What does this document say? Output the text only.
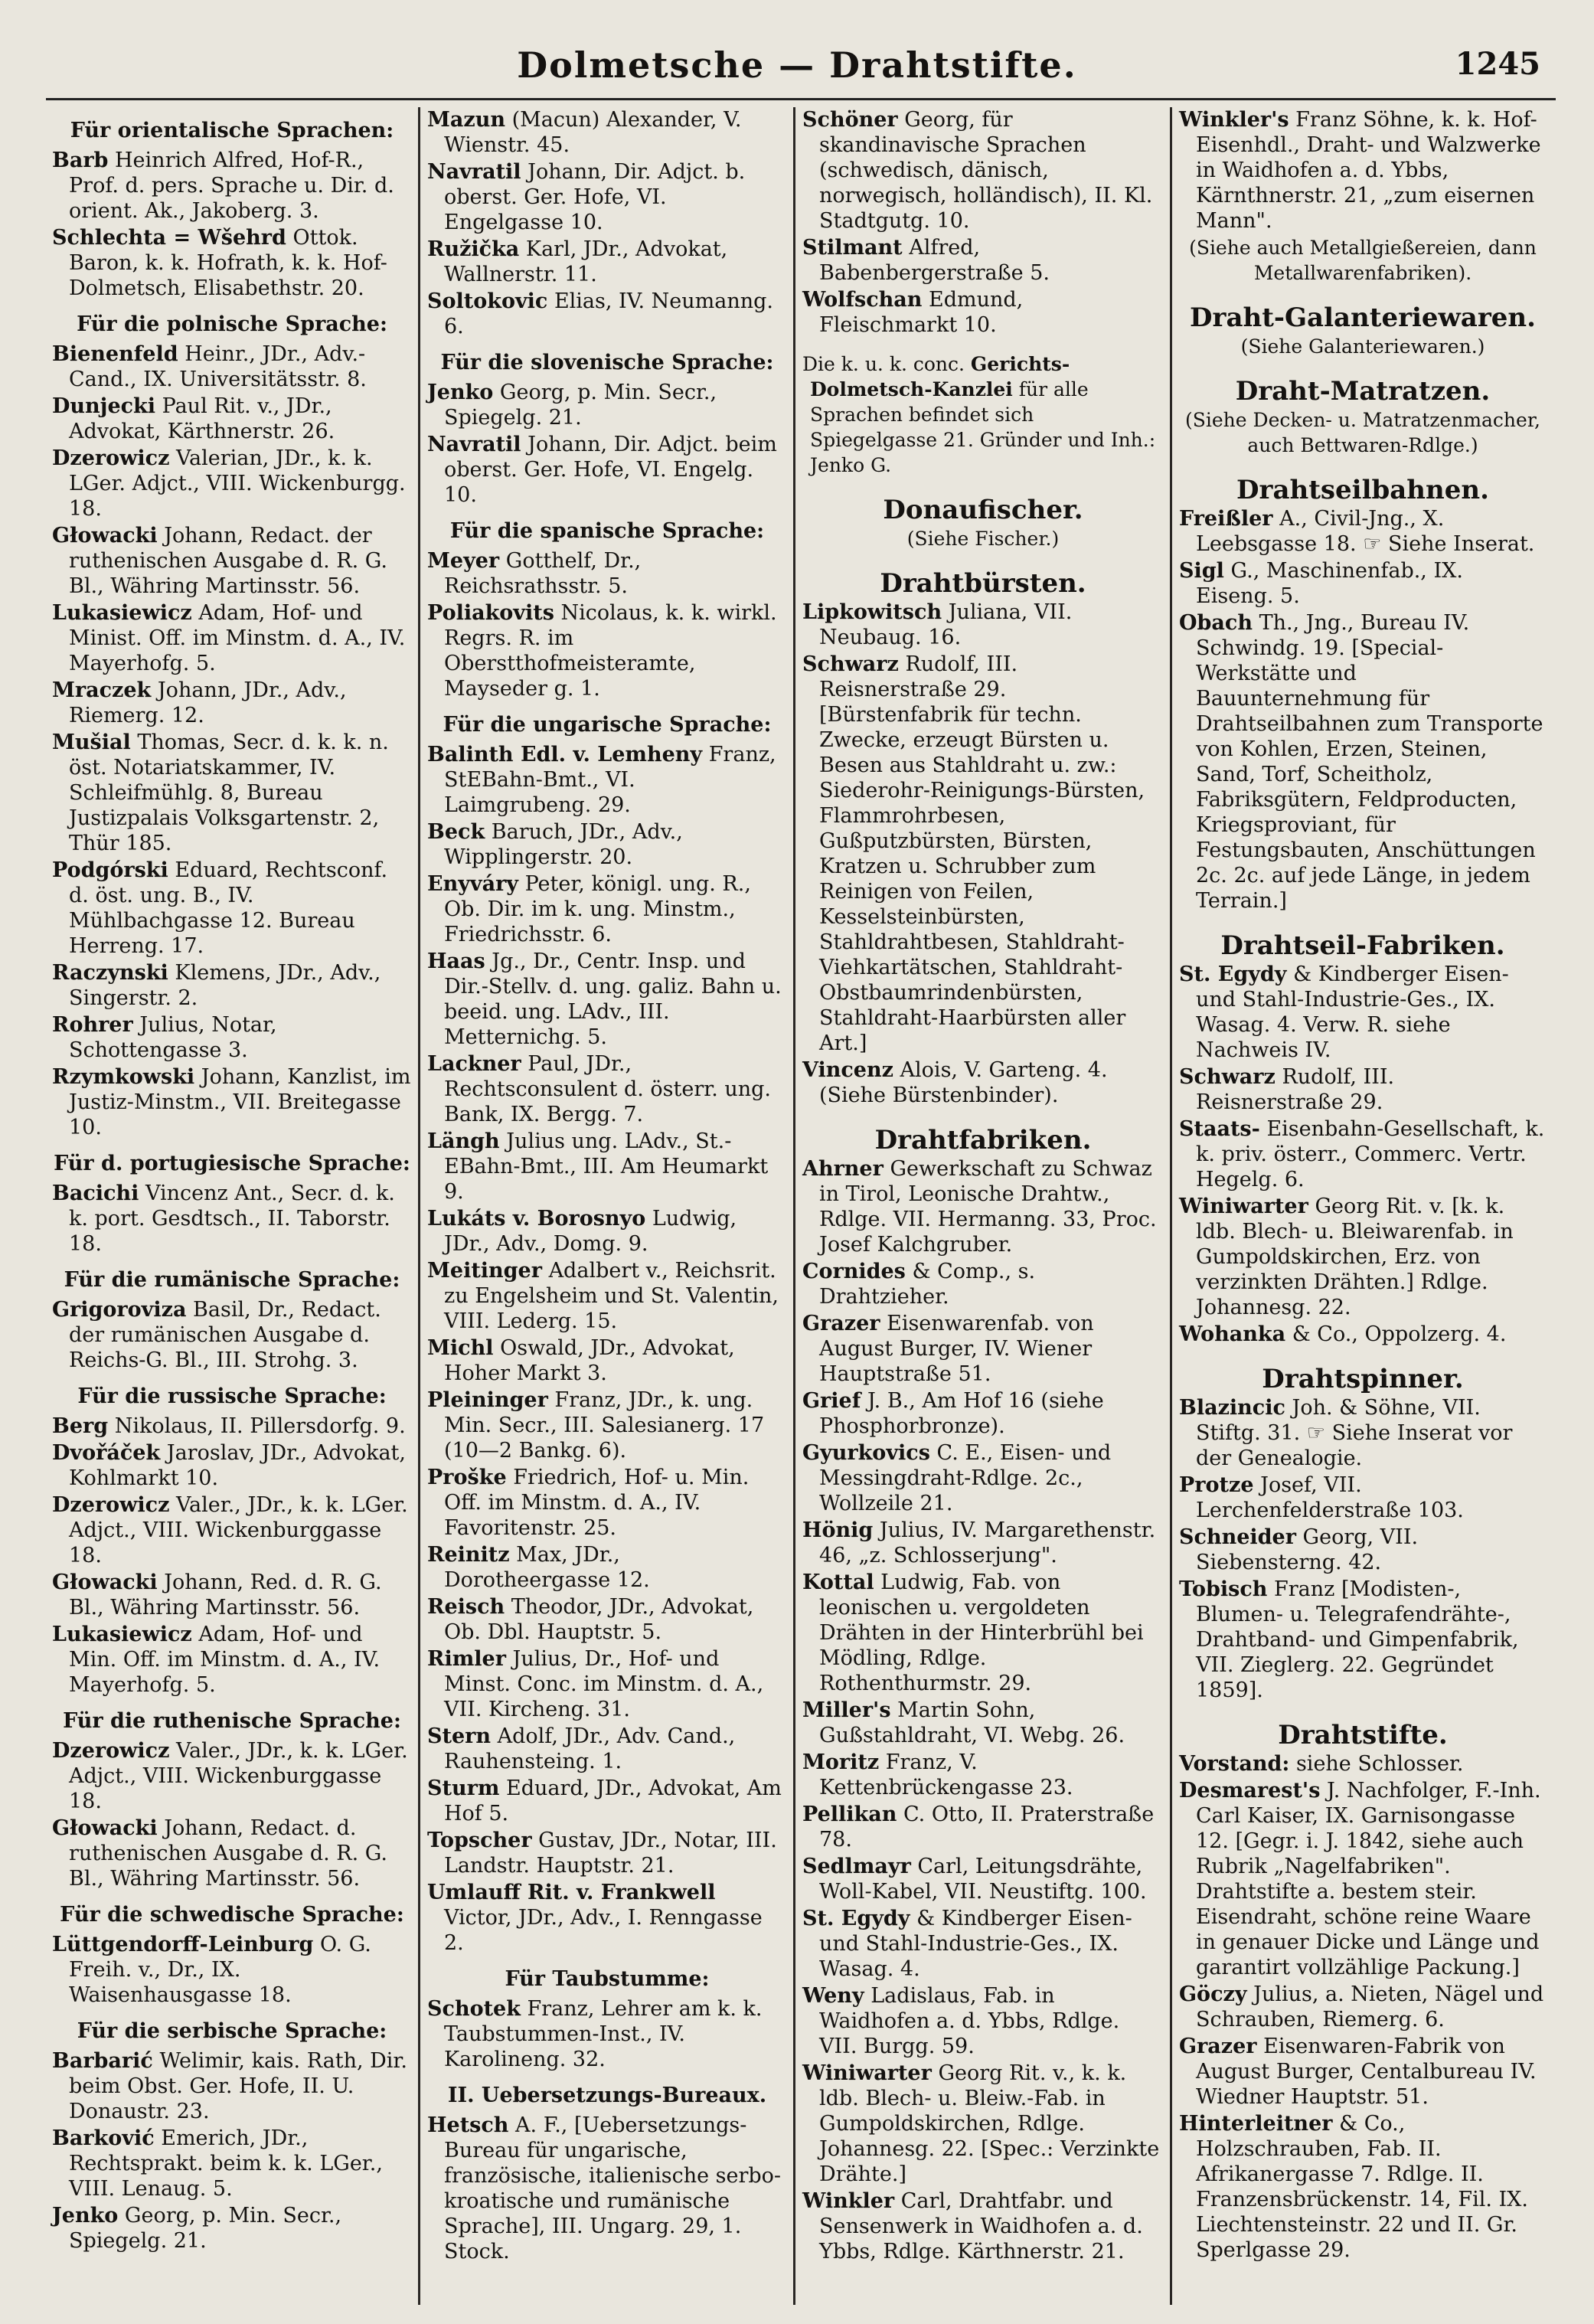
Dolmetsche — Drahtstifte.	1245
Für orientalische Sprachen:
Barb Heinrich Alfred, Hof-R., Prof. d. pers. Sprache u. Dir. d. orient. Ak., Jakoberg. 3.
Schlechta = Wšehrd Ottok. Baron, k. k. Hofrath, k. k. Hof-Dolmetsch, Elisabethstr. 20.
Für die polnische Sprache:
Bienenfeld Heinr., JDr., Adv.-Cand., IX. Universitätsstr. 8.
Dunjecki Paul Rit. v., JDr., Advokat, Kärthnerstr. 26.
Dzerowicz Valerian, JDr., k. k. LGer. Adjct., VIII. Wickenburgg. 18.
Głowacki Johann, Redact. der ruthenischen Ausgabe d. R. G. Bl., Währing Martinsstr. 56.
Lukasiewicz Adam, Hof- und Minist. Off. im Minstm. d. A., IV. Mayerhofg. 5.
Mraczek Johann, JDr., Adv., Riemerg. 12.
Mušial Thomas, Secr. d. k. k. n. öst. Notariatskammer, IV. Schleifmühlg. 8, Bureau Justizpalais Volksgartenstr. 2, Thür 185.
Podgórski Eduard, Rechtsconf. d. öst. ung. B., IV. Mühlbachgasse 12. Bureau Herreng. 17.
Raczynski Klemens, JDr., Adv., Singerstr. 2.
Rohrer Julius, Notar, Schottengasse 3.
Rzymkowski Johann, Kanzlist, im Justiz-Minstm., VII. Breitegasse 10.
Für d. portugiesische Sprache:
Bacichi Vincenz Ant., Secr. d. k. k. port. Gesdtsch., II. Taborstr. 18.
Für die rumänische Sprache:
Grigoroviza Basil, Dr., Redact. der rumänischen Ausgabe d. Reichs-G. Bl., III. Strohg. 3.
Für die russische Sprache:
Berg Nikolaus, II. Pillersdorfg. 9.
Dvořáček Jaroslav, JDr., Advokat, Kohlmarkt 10.
Dzerowicz Valer., JDr., k. k. LGer. Adjct., VIII. Wickenburggasse 18.
Głowacki Johann, Red. d. R. G. Bl., Währing Martinsstr. 56.
Lukasiewicz Adam, Hof- und Min. Off. im Minstm. d. A., IV. Mayerhofg. 5.
Für die ruthenische Sprache:
Dzerowicz Valer., JDr., k. k. LGer. Adjct., VIII. Wickenburggasse 18.
Głowacki Johann, Redact. d. ruthenischen Ausgabe d. R. G. Bl., Währing Martinsstr. 56.
Für die schwedische Sprache:
Lüttgendorff-Leinburg O. G. Freih. v., Dr., IX. Waisenhausgasse 18.
Für die serbische Sprache:
Barbarić Welimir, kais. Rath, Dir. beim Obst. Ger. Hofe, II. U. Donaustr. 23.
Barković Emerich, JDr., Rechtsprakt. beim k. k. LGer., VIII. Lenaug. 5.
Jenko Georg, p. Min. Secr., Spiegelg. 21.
Mazun (Macun) Alexander, V. Wienstr. 45.
Navratil Johann, Dir. Adjct. b. oberst. Ger. Hofe, VI. Engelgasse 10.
Ružička Karl, JDr., Advokat, Wallnerstr. 11.
Soltokovic Elias, IV. Neumanng. 6.
Für die slovenische Sprache:
Jenko Georg, p. Min. Secr., Spiegelg. 21.
Navratil Johann, Dir. Adjct. beim oberst. Ger. Hofe, VI. Engelg. 10.
Für die spanische Sprache:
Meyer Gotthelf, Dr., Reichsrathsstr. 5.
Poliakovits Nicolaus, k. k. wirkl. Regrs. R. im Oberstthofmeisteramte, Mayseder g. 1.
Für die ungarische Sprache:
Balinth Edl. v. Lemheny Franz, StEBahn-Bmt., VI. Laimgrubeng. 29.
Beck Baruch, JDr., Adv., Wipplingerstr. 20.
Enyváry Peter, königl. ung. R., Ob. Dir. im k. ung. Minstm., Friedrichsstr. 6.
Haas Jg., Dr., Centr. Insp. und Dir.-Stellv. d. ung. galiz. Bahn u. beeid. ung. LAdv., III. Metternichg. 5.
Lackner Paul, JDr., Rechtsconsulent d. österr. ung. Bank, IX. Bergg. 7.
Längh Julius ung. LAdv., St.-EBahn-Bmt., III. Am Heumarkt 9.
Lukáts v. Borosnyo Ludwig, JDr., Adv., Domg. 9.
Meitinger Adalbert v., Reichsrit. zu Engelsheim und St. Valentin, VIII. Lederg. 15.
Michl Oswald, JDr., Advokat, Hoher Markt 3.
Pleininger Franz, JDr., k. ung. Min. Secr., III. Salesianerg. 17 (10—2 Bankg. 6).
Proške Friedrich, Hof- u. Min. Off. im Minstm. d. A., IV. Favoritenstr. 25.
Reinitz Max, JDr., Dorotheergasse 12.
Reisch Theodor, JDr., Advokat, Ob. Dbl. Hauptstr. 5.
Rimler Julius, Dr., Hof- und Minst. Conc. im Minstm. d. A., VII. Kircheng. 31.
Stern Adolf, JDr., Adv. Cand., Rauhensteing. 1.
Sturm Eduard, JDr., Advokat, Am Hof 5.
Topscher Gustav, JDr., Notar, III. Landstr. Hauptstr. 21.
Umlauff Rit. v. Frankwell Victor, JDr., Adv., I. Renngasse 2.
Für Taubstumme:
Schotek Franz, Lehrer am k. k. Taubstummen-Inst., IV. Karolineng. 32.
II. Uebersetzungs-Bureaux.
Hetsch A. F., [Uebersetzungs-Bureau für ungarische, französische, italienische serbo-kroatische und rumänische Sprache], III. Ungarg. 29, 1. Stock.
Schöner Georg, für skandinavische Sprachen (schwedisch, dänisch, norwegisch, holländisch), II. Kl. Stadtgutg. 10.
Stilmant Alfred, Babenbergerstraße 5.
Wolfschan Edmund, Fleischmarkt 10.
Die k. u. k. conc. Gerichts-Dolmetsch-Kanzlei für alle Sprachen befindet sich Spiegelgasse 21. Gründer und Inh.: Jenko G.
Donaufischer.
(Siehe Fischer.)
Drahtbürsten.
Lipkowitsch Juliana, VII. Neubaug. 16.
Schwarz Rudolf, III. Reisnerstraße 29. [Bürstenfabrik für techn. Zwecke, erzeugt Bürsten u. Besen aus Stahldraht u. zw.: Siederohr-Reinigungs-Bürsten, Flammrohrbesen, Gußputzbürsten, Bürsten, Kratzen u. Schrubber zum Reinigen von Feilen, Kesselsteinbürsten, Stahldrahtbesen, Stahldraht-Viehkartätschen, Stahldraht-Obstbaumrindenbürsten, Stahldraht-Haarbürsten aller Art.]
Vincenz Alois, V. Garteng. 4. (Siehe Bürstenbinder).
Drahtfabriken.
Ahrner Gewerkschaft zu Schwaz in Tirol, Leonische Drahtw., Rdlge. VII. Hermanng. 33, Proc. Josef Kalchgruber.
Cornides & Comp., s. Drahtzieher.
Grazer Eisenwarenfab. von August Burger, IV. Wiener Hauptstraße 51.
Grief J. B., Am Hof 16 (siehe Phosphorbronze).
Gyurkovics C. E., Eisen- und Messingdraht-Rdlge. 2c., Wollzeile 21.
Hönig Julius, IV. Margarethenstr. 46, „z. Schlosserjung".
Kottal Ludwig, Fab. von leonischen u. vergoldeten Drähten in der Hinterbrühl bei Mödling, Rdlge. Rothenthurmstr. 29.
Miller's Martin Sohn, Gußstahldraht, VI. Webg. 26.
Moritz Franz, V. Kettenbrückengasse 23.
Pellikan C. Otto, II. Praterstraße 78.
Sedlmayr Carl, Leitungsdrähte, Woll-Kabel, VII. Neustiftg. 100.
St. Egydy & Kindberger Eisen- und Stahl-Industrie-Ges., IX. Wasag. 4.
Weny Ladislaus, Fab. in Waidhofen a. d. Ybbs, Rdlge. VII. Burgg. 59.
Winiwarter Georg Rit. v., k. k. ldb. Blech- u. Bleiw.-Fab. in Gumpoldskirchen, Rdlge. Johannesg. 22. [Spec.: Verzinkte Drähte.]
Winkler Carl, Drahtfabr. und Sensenwerk in Waidhofen a. d. Ybbs, Rdlge. Kärthnerstr. 21.
Winkler's Franz Söhne, k. k. Hof-Eisenhdl., Draht- und Walzwerke in Waidhofen a. d. Ybbs, Kärnthnerstr. 21, „zum eisernen Mann".
(Siehe auch Metallgießereien, dann Metallwarenfabriken).
Draht-Galanteriewaren.
(Siehe Galanteriewaren.)
Draht-Matratzen.
(Siehe Decken- u. Matratzenmacher, auch Bettwaren-Rdlge.)
Drahtseilbahnen.
Freißler A., Civil-Jng., X. Leebsgasse 18. ☞ Siehe Inserat.
Sigl G., Maschinenfab., IX. Eiseng. 5.
Obach Th., Jng., Bureau IV. Schwindg. 19. [Special-Werkstätte und Bauunternehmung für Drahtseilbahnen zum Transporte von Kohlen, Erzen, Steinen, Sand, Torf, Scheitholz, Fabriksgütern, Feldproducten, Kriegsproviant, für Festungsbauten, Anschüttungen 2c. 2c. auf jede Länge, in jedem Terrain.]
Drahtseil-Fabriken.
St. Egydy & Kindberger Eisen- und Stahl-Industrie-Ges., IX. Wasag. 4. Verw. R. siehe Nachweis IV.
Schwarz Rudolf, III. Reisnerstraße 29.
Staats- Eisenbahn-Gesellschaft, k. k. priv. österr., Commerc. Vertr. Hegelg. 6.
Winiwarter Georg Rit. v. [k. k. ldb. Blech- u. Bleiwarenfab. in Gumpoldskirchen, Erz. von verzinkten Drähten.] Rdlge. Johannesg. 22.
Wohanka & Co., Oppolzerg. 4.
Drahtspinner.
Blazincic Joh. & Söhne, VII. Stiftg. 31. ☞ Siehe Inserat vor der Genealogie.
Protze Josef, VII. Lerchenfelderstraße 103.
Schneider Georg, VII. Siebensterng. 42.
Tobisch Franz [Modisten-, Blumen- u. Telegrafendrähte-, Drahtband- und Gimpenfabrik, VII. Zieglerg. 22. Gegründet 1859].
Drahtstifte.
Vorstand: siehe Schlosser.
Desmarest's J. Nachfolger, F.-Inh. Carl Kaiser, IX. Garnisongasse 12. [Gegr. i. J. 1842, siehe auch Rubrik „Nagelfabriken". Drahtstifte a. bestem steir. Eisendraht, schöne reine Waare in genauer Dicke und Länge und garantirt vollzählige Packung.]
Göczy Julius, a. Nieten, Nägel und Schrauben, Riemerg. 6.
Grazer Eisenwaren-Fabrik von August Burger, Centalbureau IV. Wiedner Hauptstr. 51.
Hinterleitner & Co., Holzschrauben, Fab. II. Afrikanergasse 7. Rdlge. II. Franzensbrückenstr. 14, Fil. IX. Liechtensteinstr. 22 und II. Gr. Sperlgasse 29.
